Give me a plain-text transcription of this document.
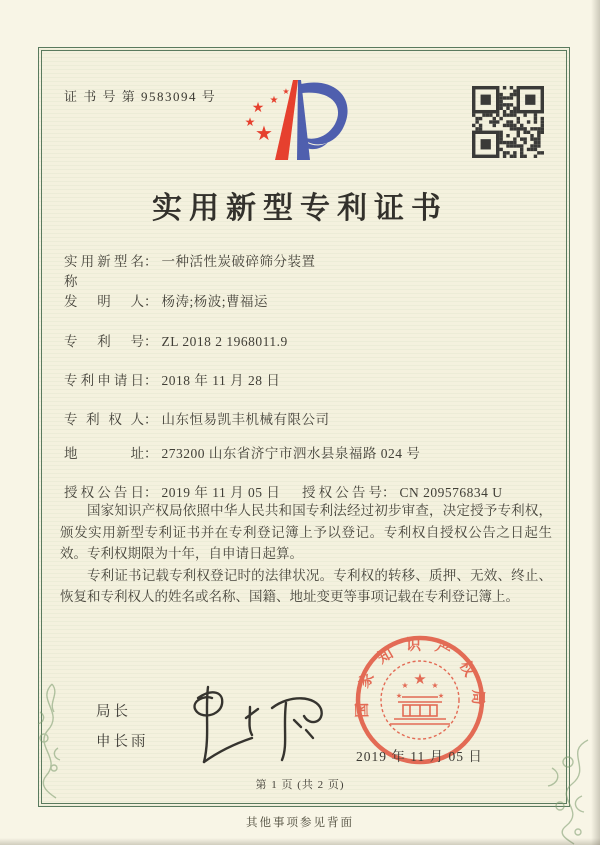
证 书 号 第 9583094 号
★
★
★ ★
★
实用新型专利证书
实用新型名称： 一种活性炭破碎筛分装置
发明人： 杨涛;杨波;曹福运
专利号： ZL 2018 2 1968011.9
专利申请日： 2018 年 11 月 28 日
专利权人： 山东恒易凯丰机械有限公司
地址： 273200 山东省济宁市泗水县泉福路 024 号
授权公告日： 2019 年 11 月 05 日 授权公告号： CN 209576834 U

国家知识产权局依照中华人民共和国专利法经过初步审查，决定授予专利权，颁发实用新型专利证书并在专利登记簿上予以登记。专利权自授权公告之日起生效。专利权期限为十年，自申请日起算。

专利证书记载专利权登记时的法律状况。专利权的转移、质押、无效、终止、恢复和专利权人的姓名或名称、国籍、地址变更等事项记载在专利登记簿上。

局长
申长雨
国家知识产权局
★
★	★
★	★
2019 年 11 月 05 日
第 1 页 (共 2 页)
其他事项参见背面
